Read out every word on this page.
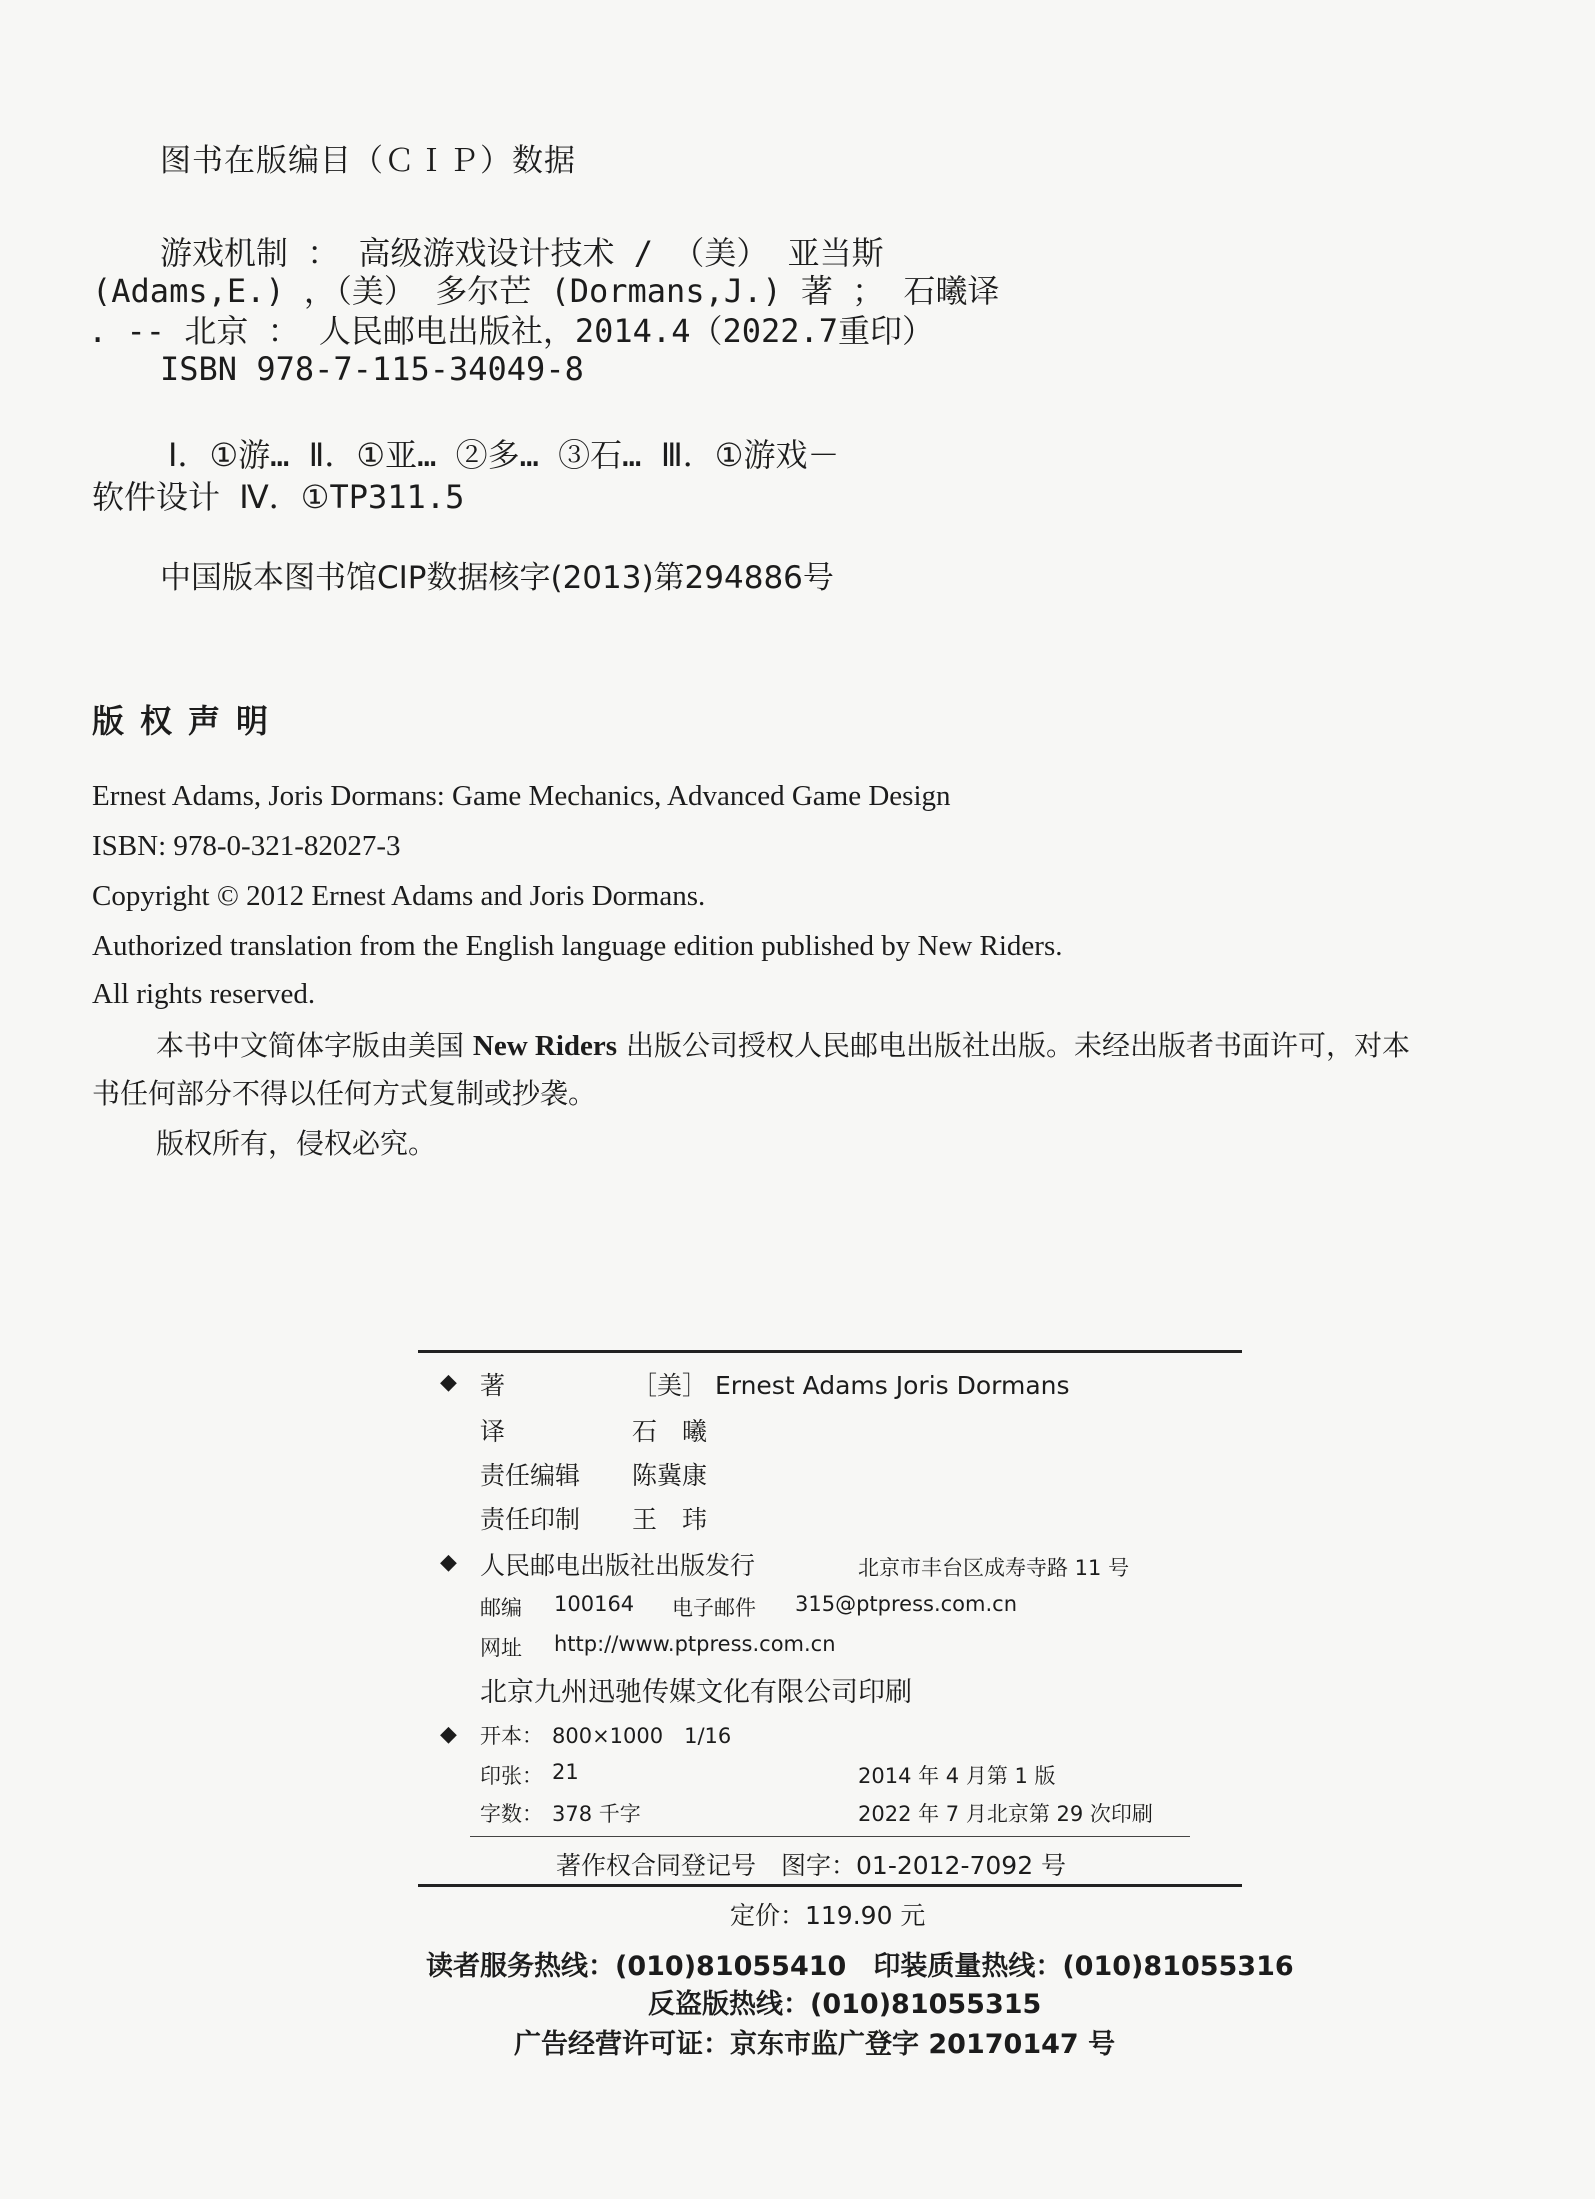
图书在版编目（ＣＩＰ）数据
游戏机制 ： 高级游戏设计技术 / （美） 亚当斯
(Adams,E.) ，（美） 多尔芒 (Dormans,J.) 著 ； 石曦译
. -- 北京 ： 人民邮电出版社，2014.4（2022.7重印）
ISBN 978-7-115-34049-8
Ⅰ．①游… Ⅱ．①亚… ②多… ③石… Ⅲ．①游戏－
软件设计 Ⅳ．①TP311.5
中国版本图书馆CIP数据核字(2013)第294886号
版权声明
Ernest Adams, Joris Dormans: Game Mechanics, Advanced Game Design
ISBN: 978-0-321-82027-3
Copyright © 2012 Ernest Adams and Joris Dormans.
Authorized translation from the English language edition published by New Riders.
All rights reserved.
本书中文简体字版由美国 New Riders 出版公司授权人民邮电出版社出版。未经出版者书面许可，对本
书任何部分不得以任何方式复制或抄袭。
版权所有，侵权必究。
◆ 著	［美］ Ernest Adams Joris Dormans
译	石　曦
责任编辑 陈冀康
责任印制 王　玮
◆ 人民邮电出版社出版发行	北京市丰台区成寿寺路 11 号
邮编 100164 电子邮件 315@ptpress.com.cn
网址 http://www.ptpress.com.cn
北京九州迅驰传媒文化有限公司印刷
◆ 开本： 800×1000　1/16
印张： 21	2014 年 4 月第 1 版
字数： 378 千字	2022 年 7 月北京第 29 次印刷
著作权合同登记号　图字：01-2012-7092 号
定价：119.90 元
读者服务热线：(010)81055410　印装质量热线：(010)81055316
反盗版热线：(010)81055315
广告经营许可证：京东市监广登字 20170147 号
